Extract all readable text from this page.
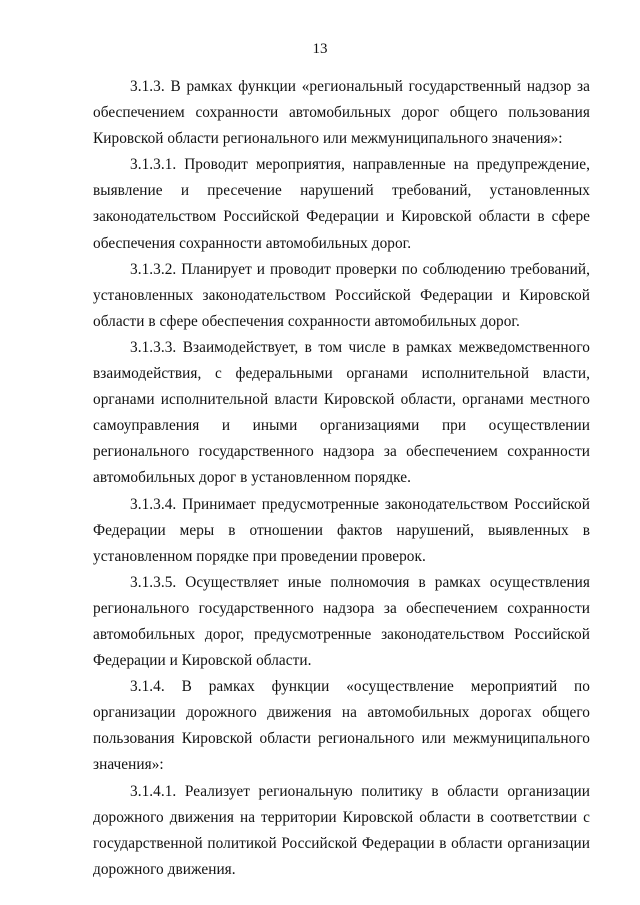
13

3.1.3. В рамках функции «региональный государственный надзор за обеспечением сохранности автомобильных дорог общего пользования Кировской области регионального или межмуниципального значения»:

3.1.3.1. Проводит мероприятия, направленные на предупреждение, выявление и пресечение нарушений требований, установленных законодательством Российской Федерации и Кировской области в сфере обеспечения сохранности автомобильных дорог.

3.1.3.2. Планирует и проводит проверки по соблюдению требований, установленных законодательством Российской Федерации и Кировской области в сфере обеспечения сохранности автомобильных дорог.

3.1.3.3. Взаимодействует, в том числе в рамках межведомственного взаимодействия, с федеральными органами исполнительной власти, органами исполнительной власти Кировской области, органами местного самоуправления и иными организациями при осуществлении регионального государственного надзора за обеспечением сохранности автомобильных дорог в установленном порядке.

3.1.3.4. Принимает предусмотренные законодательством Российской Федерации меры в отношении фактов нарушений, выявленных в установленном порядке при проведении проверок.

3.1.3.5. Осуществляет иные полномочия в рамках осуществления регионального государственного надзора за обеспечением сохранности автомобильных дорог, предусмотренные законодательством Российской Федерации и Кировской области.

3.1.4. В рамках функции «осуществление мероприятий по организации дорожного движения на автомобильных дорогах общего пользования Кировской области регионального или межмуниципального значения»:

3.1.4.1. Реализует региональную политику в области организации дорожного движения на территории Кировской области в соответствии с государственной политикой Российской Федерации в области организации дорожного движения.
